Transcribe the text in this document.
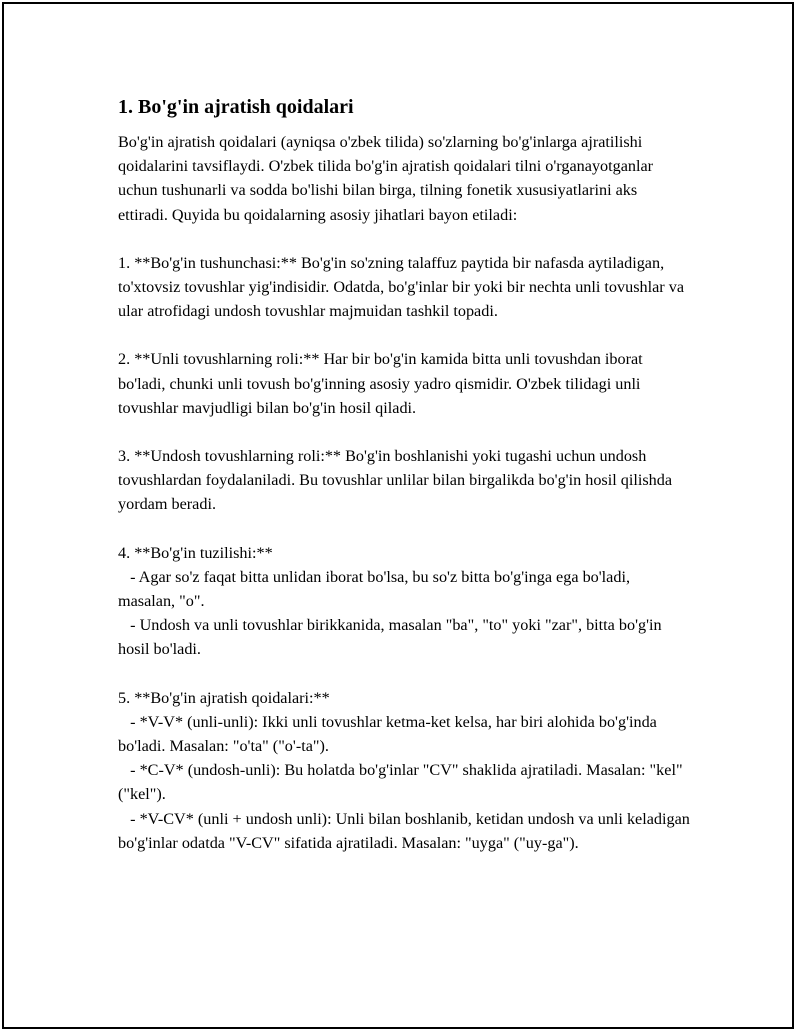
1. Bo'g'in ajratish qoidalari

Bo'g'in ajratish qoidalari (ayniqsa o'zbek tilida) so'zlarning bo'g'inlarga ajratilishi qoidalarini tavsiflaydi. O'zbek tilida bo'g'in ajratish qoidalari tilni o'rganayotganlar uchun tushunarli va sodda bo'lishi bilan birga, tilning fonetik xususiyatlarini aks ettiradi. Quyida bu qoidalarning asosiy jihatlari bayon etiladi:

1. **Bo'g'in tushunchasi:** Bo'g'in so'zning talaffuz paytida bir nafasda aytiladigan, to'xtovsiz tovushlar yig'indisidir. Odatda, bo'g'inlar bir yoki bir nechta unli tovushlar va ular atrofidagi undosh tovushlar majmuidan tashkil topadi.

2. **Unli tovushlarning roli:** Har bir bo'g'in kamida bitta unli tovushdan iborat bo'ladi, chunki unli tovush bo'g'inning asosiy yadro qismidir. O'zbek tilidagi unli tovushlar mavjudligi bilan bo'g'in hosil qiladi.

3. **Undosh tovushlarning roli:** Bo'g'in boshlanishi yoki tugashi uchun undosh tovushlardan foydalaniladi. Bu tovushlar unlilar bilan birgalikda bo'g'in hosil qilishda yordam beradi.

4. **Bo'g'in tuzilishi:**
- Agar so'z faqat bitta unlidan iborat bo'lsa, bu so'z bitta bo'g'inga ega bo'ladi, masalan, "o".
- Undosh va unli tovushlar birikkanida, masalan "ba", "to" yoki "zar", bitta bo'g'in hosil bo'ladi.

5. **Bo'g'in ajratish qoidalari:**
- *V-V* (unli-unli): Ikki unli tovushlar ketma-ket kelsa, har biri alohida bo'g'inda bo'ladi. Masalan: "o'ta" ("o'-ta").
- *C-V* (undosh-unli): Bu holatda bo'g'inlar "CV" shaklida ajratiladi. Masalan: "kel" ("kel").
- *V-CV* (unli + undosh unli): Unli bilan boshlanib, ketidan undosh va unli keladigan bo'g'inlar odatda "V-CV" sifatida ajratiladi. Masalan: "uyga" ("uy-ga").
